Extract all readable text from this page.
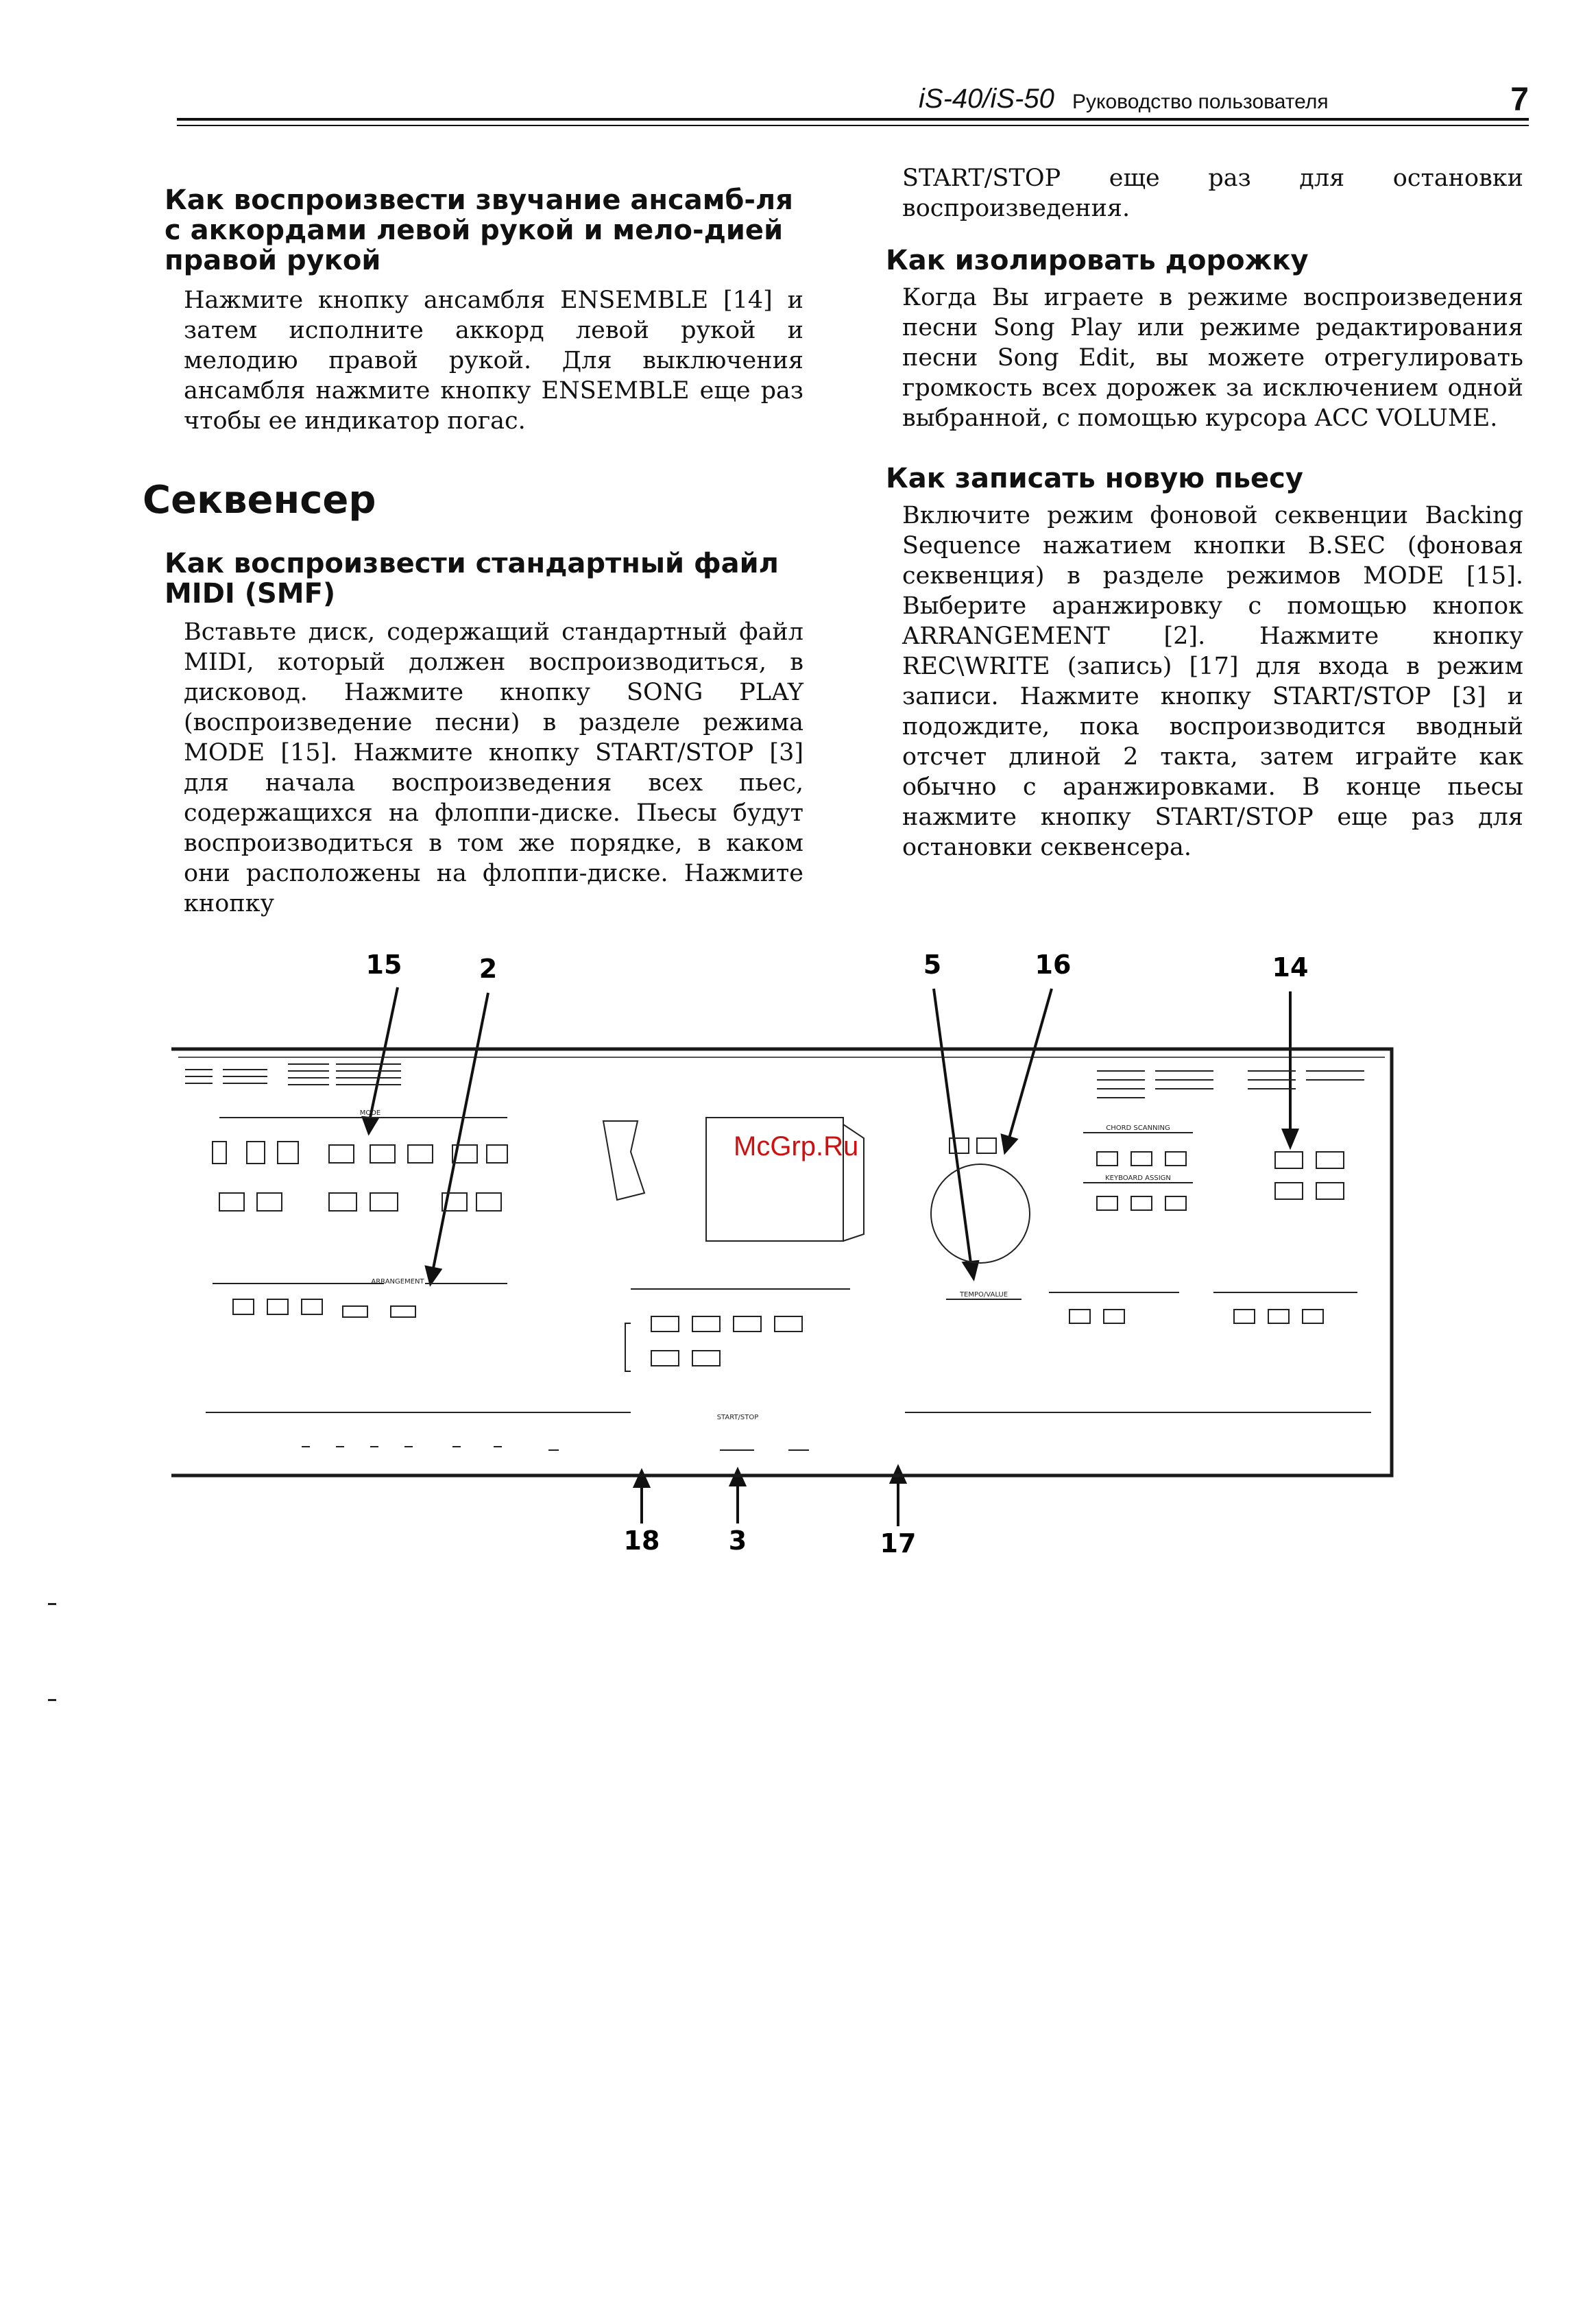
iS-40/iS-50 Руководство пользователя	7
Как воспроизвести звучание ансамб-ля с аккордами левой рукой и мело-дией правой рукой

Нажмите кнопку ансамбля ENSEMBLE [14] и затем исполните аккорд левой рукой и мелодию правой рукой. Для выключения ансамбля нажмите кнопку ENSEMBLE еще раз чтобы ее индикатор погас.

Секвенсер
Как воспроизвести стандартный файл MIDI (SMF)

Вставьте диск, содержащий стандартный файл MIDI, который должен воспроизводиться, в дисковод. Нажмите кнопку SONG PLAY (воспроизведение песни) в разделе режима MODE [15]. Нажмите кнопку START/STOP [3] для начала воспроизведения всех пьес, содержащихся на флоппи-диске. Пьесы будут воспроизводиться в том же порядке, в каком они расположены на флоппи-диске. Нажмите кнопку

START/STOP еще раз для остановки воспроизведения.

Как изолировать дорожку

Когда Вы играете в режиме воспроизведения песни Song Play или режиме редактирования песни Song Edit, вы можете отрегулировать громкость всех дорожек за исключением одной выбранной, с помощью курсора ACC VOLUME.

Как записать новую пьесу

Включите режим фоновой секвенции Backing Sequence нажатием кнопки B.SEC (фоновая секвенция) в разделе режимов MODE [15]. Выберите аранжировку с помощью кнопок ARRANGEMENT [2]. Нажмите кнопку REC\WRITE (запись) [17] для входа в режим записи. Нажмите кнопку START/STOP [3] и подождите, пока воспроизводится вводный отсчет длиной 2 такта, затем играйте как обычно с аранжировками. В конце пьесы нажмите кнопку START/STOP еще раз для остановки секвенсера.

15	2	5	16	14
18	3	17
MODE
ARRANGEMENT
TEMPO/VALUE
CHORD SCANNING
KEYBOARD ASSIGN
START/STOP
McGrp.Ru
